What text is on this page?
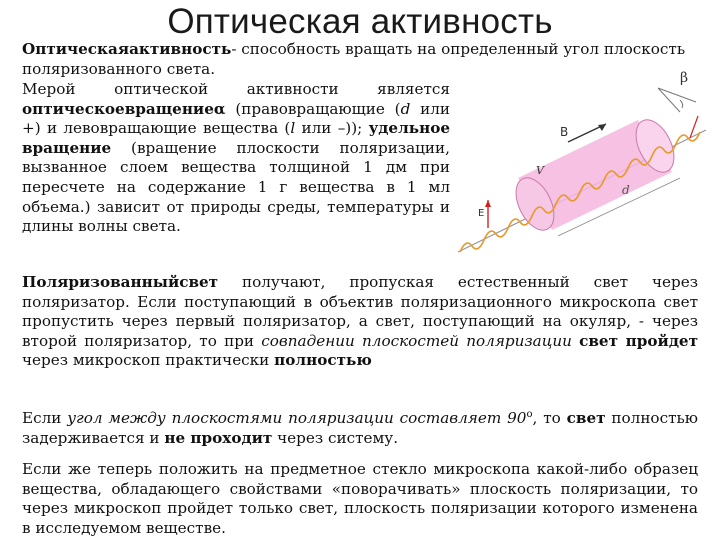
Оптическая активность

Оптическаяактивность- способность вращать на определенный угол плоскость поляризованного света.

Мерой оптической активности является оптическоевращениеα (правовращающие (d или +) и левовращающие вещества (l или –)); удельное вращение (вращение плоскости поляризации, вызванное слоем вещества толщиной 1 дм при пересчете на содержание 1 г вещества в 1 мл объема.) зависит от природы среды, температуры и длины волны света.

β
B
V
d
E

Поляризованныйсвет получают, пропуская естественный свет через поляризатор. Если поступающий в объектив поляризационного микроскопа свет пропустить через первый поляризатор, а свет, поступающий на окуляр, - через второй поляризатор, то при совпадении плоскостей поляризации свет пройдет через микроскоп практически полностью

Если угол между плоскостями поляризации составляет $90^о$, то свет полностью задерживается и не проходит через систему.

Если же теперь положить на предметное стекло микроскопа какой-либо образец вещества, обладающего свойствами «поворачивать» плоскость поляризации, то через микроскоп пройдет только свет, плоскость поляризации которого изменена в исследуемом веществе.
